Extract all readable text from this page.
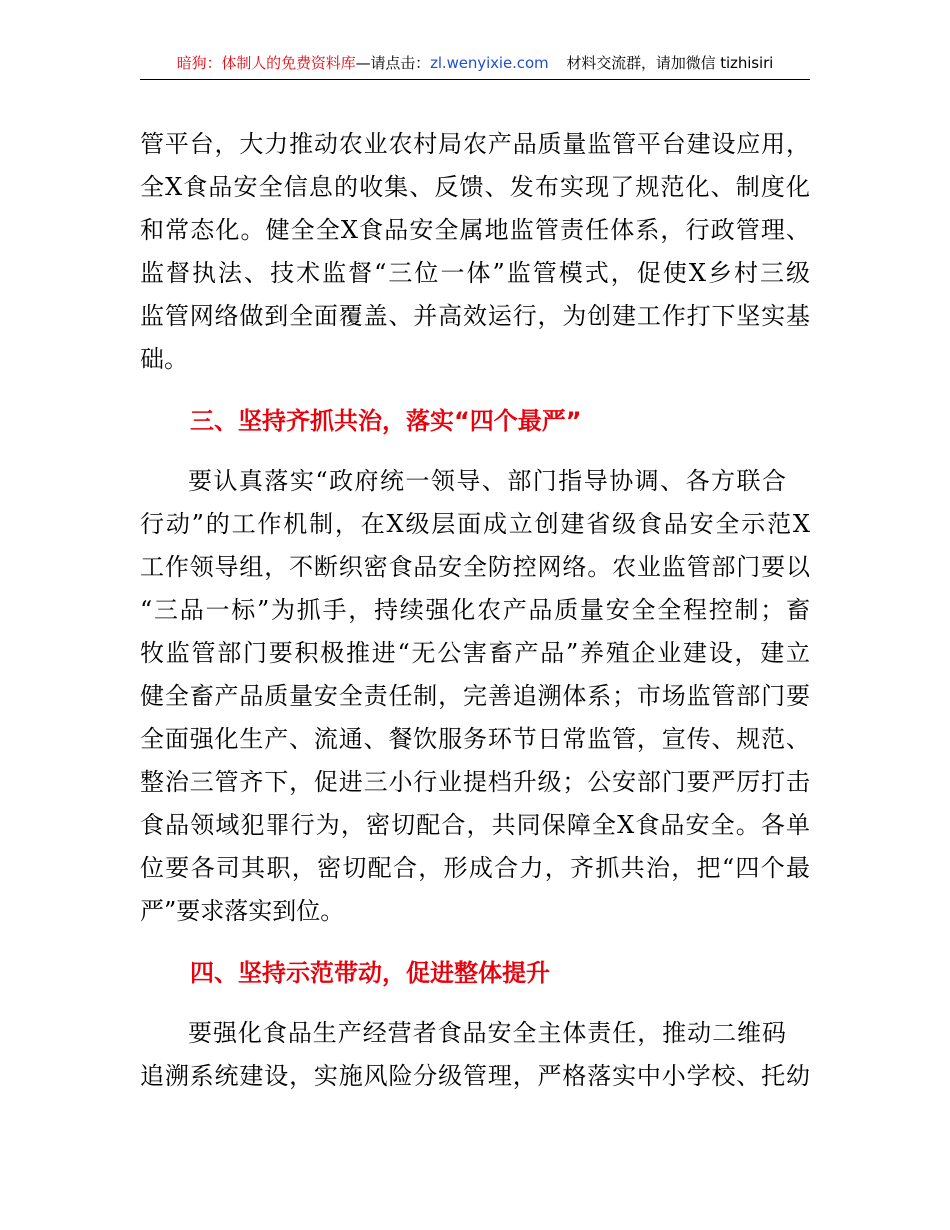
暗狗：体制人的免费资料库—请点击：zl.wenyixie.com 材料交流群，请加微信 tizhisiri
管平台，大力推动农业农村局农产品质量监管平台建设应用，
全X食品安全信息的收集、反馈、发布实现了规范化、制度化
和常态化。健全全X食品安全属地监管责任体系，行政管理、
监督执法、技术监督“三位一体”监管模式，促使X乡村三级
监管网络做到全面覆盖、并高效运行，为创建工作打下坚实基
础。
三、坚持齐抓共治，落实“四个最严”
要认真落实“政府统一领导、部门指导协调、各方联合
行动”的工作机制，在X级层面成立创建省级食品安全示范X
工作领导组，不断织密食品安全防控网络。农业监管部门要以
“三品一标”为抓手，持续强化农产品质量安全全程控制；畜
牧监管部门要积极推进“无公害畜产品”养殖企业建设，建立
健全畜产品质量安全责任制，完善追溯体系；市场监管部门要
全面强化生产、流通、餐饮服务环节日常监管，宣传、规范、
整治三管齐下，促进三小行业提档升级；公安部门要严厉打击
食品领域犯罪行为，密切配合，共同保障全X食品安全。各单
位要各司其职，密切配合，形成合力，齐抓共治，把“四个最
严”要求落实到位。
四、坚持示范带动，促进整体提升
要强化食品生产经营者食品安全主体责任，推动二维码
追溯系统建设，实施风险分级管理，严格落实中小学校、托幼
